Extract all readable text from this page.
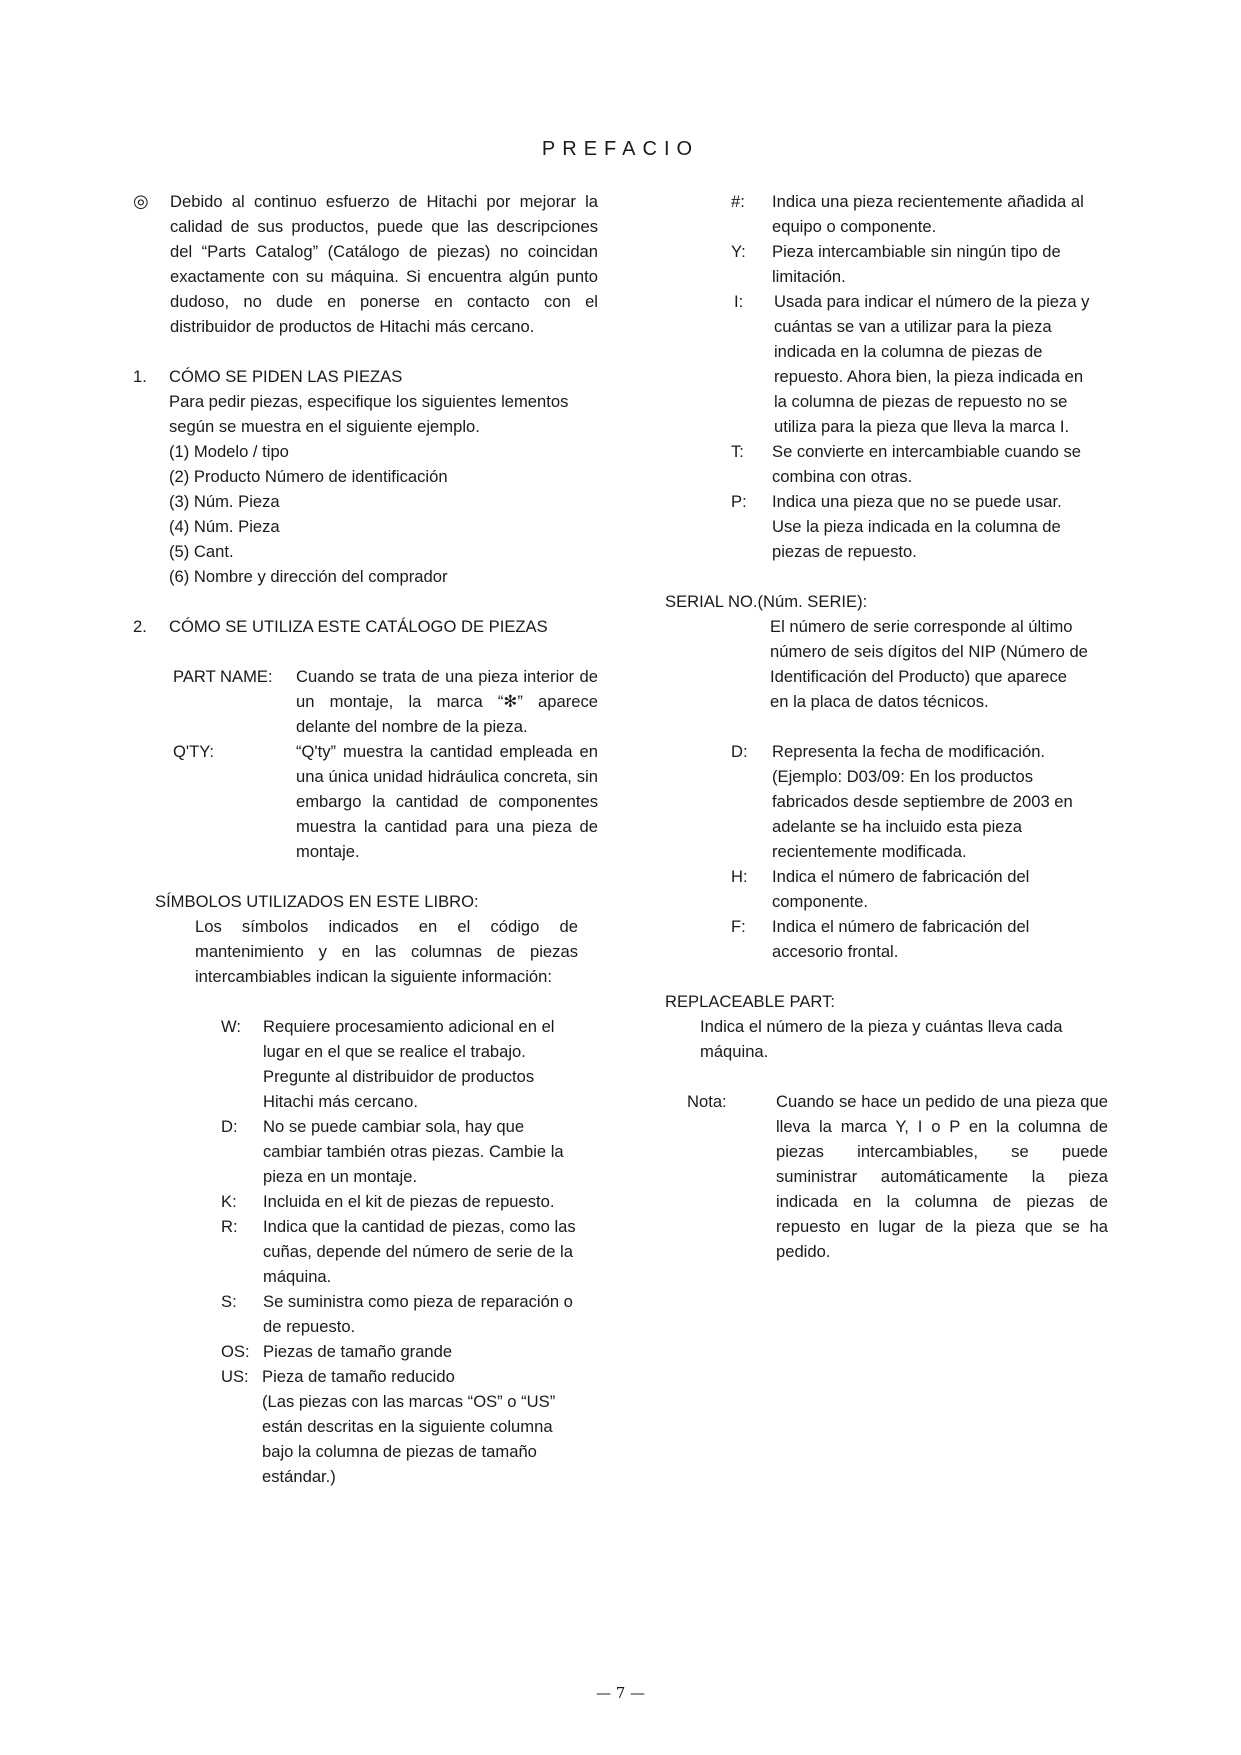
PREFACIO
◎ Debido al continuo esfuerzo de Hitachi por mejorar la calidad de sus productos, puede que las descripciones del “Parts Catalog” (Catálogo de piezas) no coincidan exactamente con su máquina. Si encuentra algún punto dudoso, no dude en ponerse en contacto con el distribuidor de productos de Hitachi más cercano.
1. CÓMO SE PIDEN LAS PIEZAS
Para pedir piezas, especifique los siguientes lementos según se muestra en el siguiente ejemplo.
(1) Modelo / tipo
(2) Producto Número de identificación
(3) Núm. Pieza
(4) Núm. Pieza
(5) Cant.
(6) Nombre y dirección del comprador
2. CÓMO SE UTILIZA ESTE CATÁLOGO DE PIEZAS
PART NAME: Cuando se trata de una pieza interior de un montaje, la marca “✻” aparece delante del nombre de la pieza.
Q'TY:	“Q'ty” muestra la cantidad empleada en una única unidad hidráulica concreta, sin embargo la cantidad de componentes muestra la cantidad para una pieza de montaje.
SÍMBOLOS UTILIZADOS EN ESTE LIBRO:
Los símbolos indicados en el código de mantenimiento y en las columnas de piezas intercambiables indican la siguiente información:
W: Requiere procesamiento adicional en el
lugar en el que se realice el trabajo.
Pregunte al distribuidor de productos
Hitachi más cercano.
D: No se puede cambiar sola, hay que
cambiar también otras piezas. Cambie la
pieza en un montaje.
K: Incluida en el kit de piezas de repuesto.
R: Indica que la cantidad de piezas, como las
cuñas, depende del número de serie de la
máquina.
S: Se suministra como pieza de reparación o
de repuesto.
OS: Piezas de tamaño grande
US: Pieza de tamaño reducido
(Las piezas con las marcas “OS” o “US”
están descritas en la siguiente columna
bajo la columna de piezas de tamaño
estándar.)
#: Indica una pieza recientemente añadida al
equipo o componente.
Y: Pieza intercambiable sin ningún tipo de
limitación.
I: Usada para indicar el número de la pieza y
cuántas se van a utilizar para la pieza
indicada en la columna de piezas de
repuesto. Ahora bien, la pieza indicada en
la columna de piezas de repuesto no se
utiliza para la pieza que lleva la marca I.
T: Se convierte en intercambiable cuando se
combina con otras.
P: Indica una pieza que no se puede usar.
Use la pieza indicada en la columna de
piezas de repuesto.
SERIAL NO.(Núm. SERIE):
El número de serie corresponde al último
número de seis dígitos del NIP (Número de
Identificación del Producto) que aparece
en la placa de datos técnicos.
D: Representa la fecha de modificación.
(Ejemplo: D03/09: En los productos
fabricados desde septiembre de 2003 en
adelante se ha incluido esta pieza
recientemente modificada.
H: Indica el número de fabricación del
componente.
F: Indica el número de fabricación del
accesorio frontal.
REPLACEABLE PART:
Indica el número de la pieza y cuántas lleva cada
máquina.
Nota:	Cuando se hace un pedido de una pieza que lleva la marca Y, I o P en la columna de piezas intercambiables, se puede suministrar automáticamente la pieza indicada en la columna de piezas de repuesto en lugar de la pieza que se ha pedido.
— 7 —
